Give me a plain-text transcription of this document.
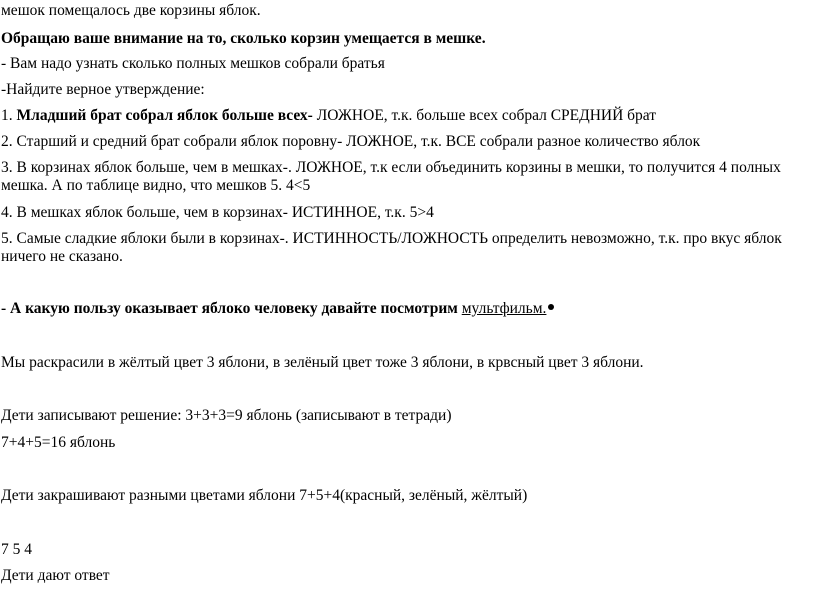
мешок помещалось две корзины яблок.
Обращаю ваше внимание на то, сколько корзин умещается в мешке.
- Вам надо узнать сколько полных мешков собрали братья
-Найдите верное утверждение:
1. Младший брат собрал яблок больше всех- ЛОЖНОЕ, т.к. больше всех собрал СРЕДНИЙ брат
2. Старший и средний брат собрали яблок поровну- ЛОЖНОЕ, т.к. ВСЕ собрали разное количество яблок
3. В корзинах яблок больше, чем в мешках-. ЛОЖНОЕ, т.к если объединить корзины в мешки, то получится 4 полных мешка. А по таблице видно, что мешков 5. 4<5
4. В мешках яблок больше, чем в корзинах- ИСТИННОЕ, т.к. 5>4
5. Самые сладкие яблоки были в корзинах-. ИСТИННОСТЬ/ЛОЖНОСТЬ определить невозможно, т.к. про вкус яблок ничего не сказано.
- А какую пользу оказывает яблоко человеку давайте посмотрим мультфильм.
Мы раскрасили в жёлтый цвет 3 яблони, в зелёный цвет тоже 3 яблони, в крвсный цвет 3 яблони.
Дети записывают решение: 3+3+3=9 яблонь (записывают в тетради)
7+4+5=16 яблонь
Дети закрашивают разными цветами яблони 7+5+4(красный, зелёный, жёлтый)
7 5 4
Дети дают ответ
